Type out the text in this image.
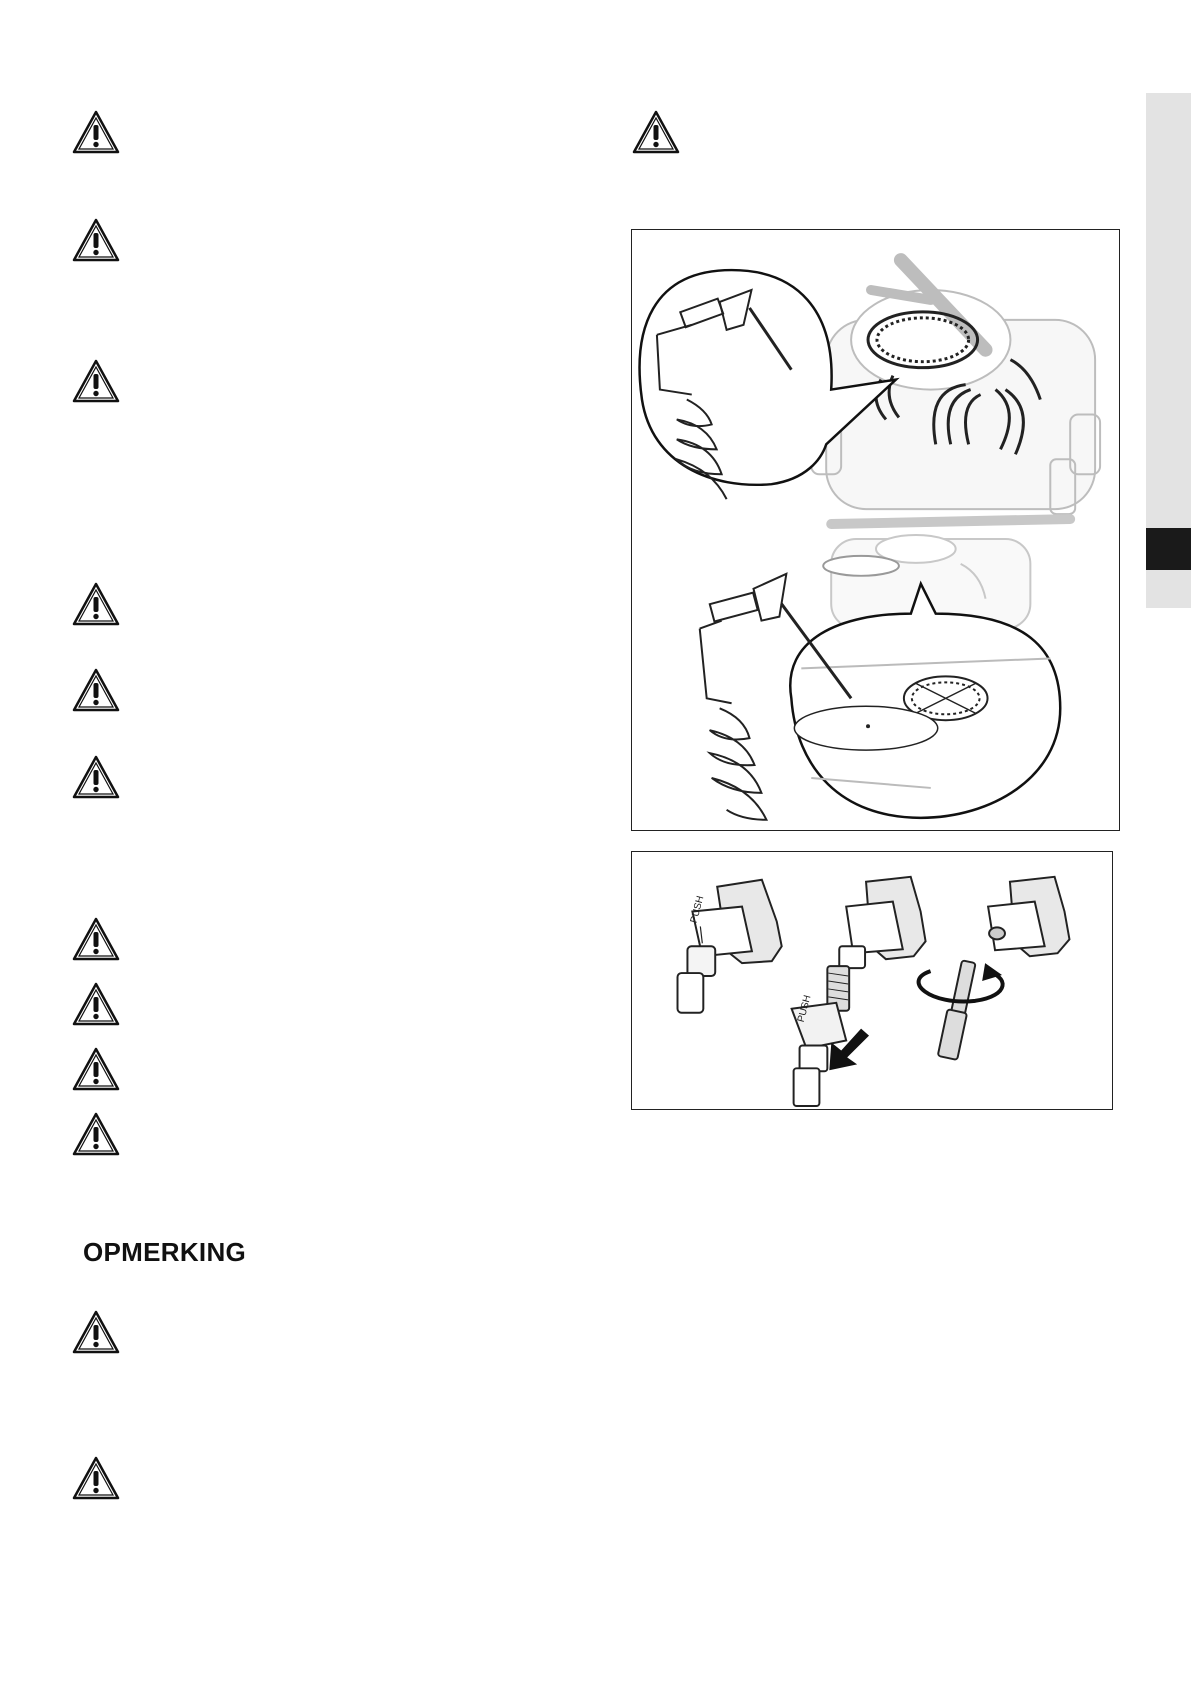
OPMERKING
PUSH
PUSH
